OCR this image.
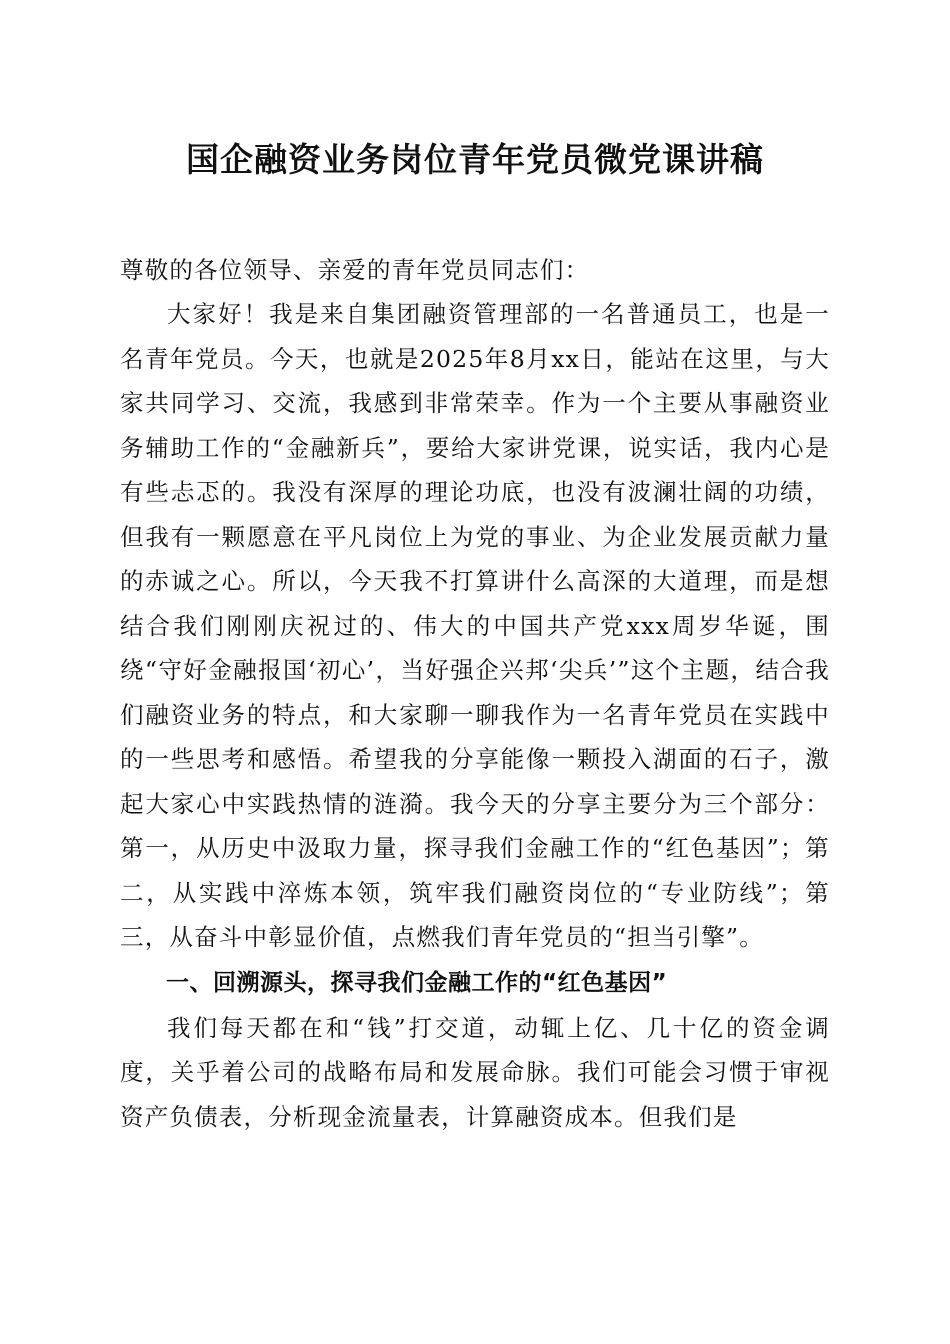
国企融资业务岗位青年党员微党课讲稿

尊敬的各位领导、亲爱的青年党员同志们：

大家好！我是来自集团融资管理部的一名普通员工，也是一名青年党员。今天，也就是2025年8月xx日，能站在这里，与大家共同学习、交流，我感到非常荣幸。作为一个主要从事融资业务辅助工作的“金融新兵”，要给大家讲党课，说实话，我内心是有些忐忑的。我没有深厚的理论功底，也没有波澜壮阔的功绩，但我有一颗愿意在平凡岗位上为党的事业、为企业发展贡献力量的赤诚之心。所以，今天我不打算讲什么高深的大道理，而是想结合我们刚刚庆祝过的、伟大的中国共产党xxx周岁华诞，围绕“守好金融报国‘初心’，当好强企兴邦‘尖兵’”这个主题，结合我们融资业务的特点，和大家聊一聊我作为一名青年党员在实践中的一些思考和感悟。希望我的分享能像一颗投入湖面的石子，激起大家心中实践热情的涟漪。我今天的分享主要分为三个部分：第一，从历史中汲取力量，探寻我们金融工作的“红色基因”；第二，从实践中淬炼本领，筑牢我们融资岗位的“专业防线”；第三，从奋斗中彰显价值，点燃我们青年党员的“担当引擎”。

一、回溯源头，探寻我们金融工作的“红色基因”

我们每天都在和“钱”打交道，动辄上亿、几十亿的资金调度，关乎着公司的战略布局和发展命脉。我们可能会习惯于审视资产负债表，分析现金流量表，计算融资成本。但我们是
